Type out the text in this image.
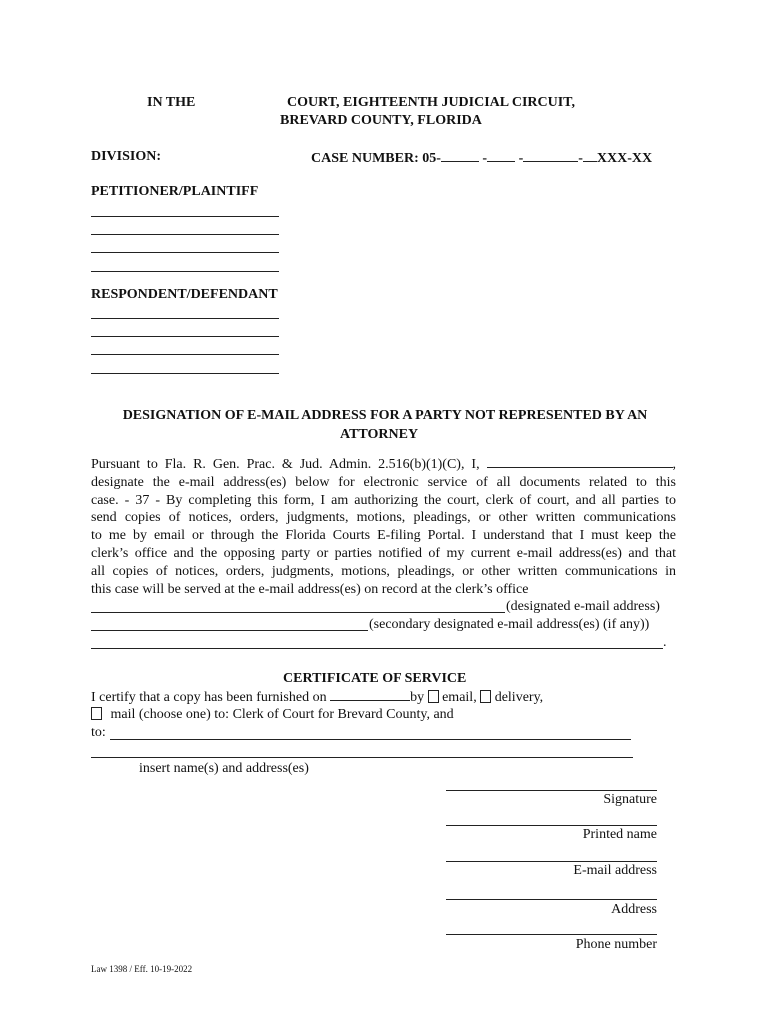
IN THE	COURT, EIGHTEENTH JUDICIAL CIRCUIT,
BREVARD COUNTY, FLORIDA
DIVISION:	CASE NUMBER: 05-	- -	- XXX-XX
PETITIONER/PLAINTIFF
RESPONDENT/DEFENDANT
DESIGNATION OF E-MAIL ADDRESS FOR A PARTY NOT REPRESENTED BY AN
ATTORNEY
Pursuant to Fla. R. Gen. Prac. & Jud. Admin. 2.516(b)(1)(C), I,	,
designate the e-mail address(es) below for electronic service of all documents related to this
case. - 37 - By completing this form, I am authorizing the court, clerk of court, and all parties to
send copies of notices, orders, judgments, motions, pleadings, or other written communications
to me by email or through the Florida Courts E-filing Portal. I understand that I must keep the
clerk’s office and the opposing party or parties notified of my current e-mail address(es) and that
all copies of notices, orders, judgments, motions, pleadings, or other written communications in
this case will be served at the e-mail address(es) on record at the clerk’s office
(designated e-mail address)
(secondary designated e-mail address(es) (if any))
.
CERTIFICATE OF SERVICE
I certify that a copy has been furnished on	by email, delivery,
mail (choose one) to: Clerk of Court for Brevard County, and
to:
insert name(s) and address(es)
Signature
Printed name
E-mail address
Address
Phone number
Law 1398 / Eff. 10-19-2022
